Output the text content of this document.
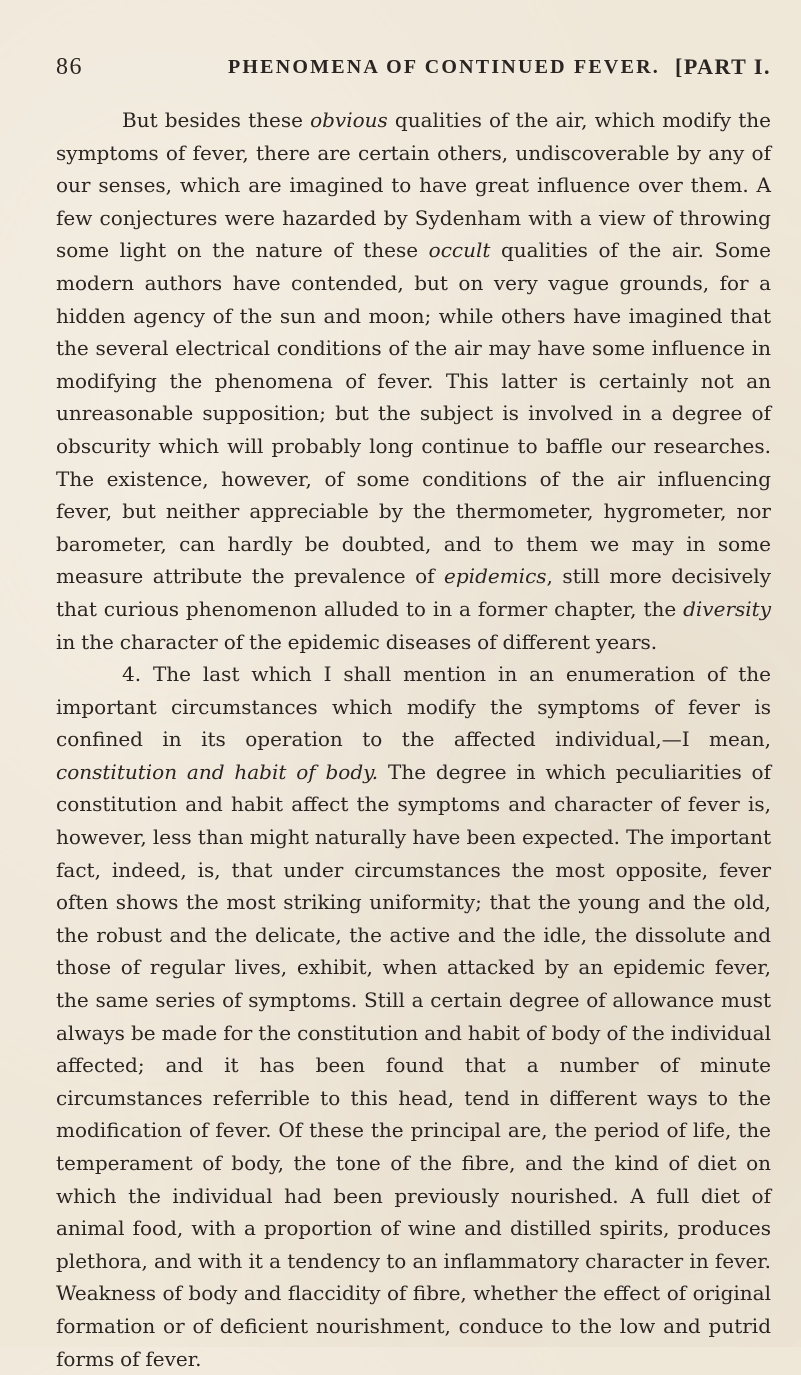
86	PHENOMENA OF CONTINUED FEVER. [PART I.

But besides these obvious qualities of the air, which modify the symptoms of fever, there are certain others, undiscoverable by any of our senses, which are imagined to have great influence over them. A few conjectures were hazarded by Sydenham with a view of throwing some light on the nature of these occult qualities of the air. Some modern authors have contended, but on very vague grounds, for a hidden agency of the sun and moon; while others have imagined that the several electrical conditions of the air may have some influence in modifying the phenomena of fever. This latter is certainly not an unreasonable supposition; but the subject is involved in a degree of obscurity which will probably long continue to baffle our researches. The existence, however, of some conditions of the air influencing fever, but neither appreciable by the thermometer, hygrometer, nor barometer, can hardly be doubted, and to them we may in some measure attribute the prevalence of epidemics, still more decisively that curious phenomenon alluded to in a former chapter, the diversity in the character of the epidemic diseases of different years.

4. The last which I shall mention in an enumeration of the important circumstances which modify the symptoms of fever is confined in its operation to the affected individual,—I mean, constitution and habit of body. The degree in which peculiarities of constitution and habit affect the symptoms and character of fever is, however, less than might naturally have been expected. The important fact, indeed, is, that under circumstances the most opposite, fever often shows the most striking uniformity; that the young and the old, the robust and the delicate, the active and the idle, the dissolute and those of regular lives, exhibit, when attacked by an epidemic fever, the same series of symptoms. Still a certain degree of allowance must always be made for the constitution and habit of body of the individual affected; and it has been found that a number of minute circumstances referrible to this head, tend in different ways to the modification of fever. Of these the principal are, the period of life, the temperament of body, the tone of the fibre, and the kind of diet on which the individual had been previously nourished. A full diet of animal food, with a proportion of wine and distilled spirits, produces plethora, and with it a tendency to an inflammatory character in fever. Weakness of body and flaccidity of fibre, whether the effect of original formation or of deficient nourishment, conduce to the low and putrid forms of fever.
